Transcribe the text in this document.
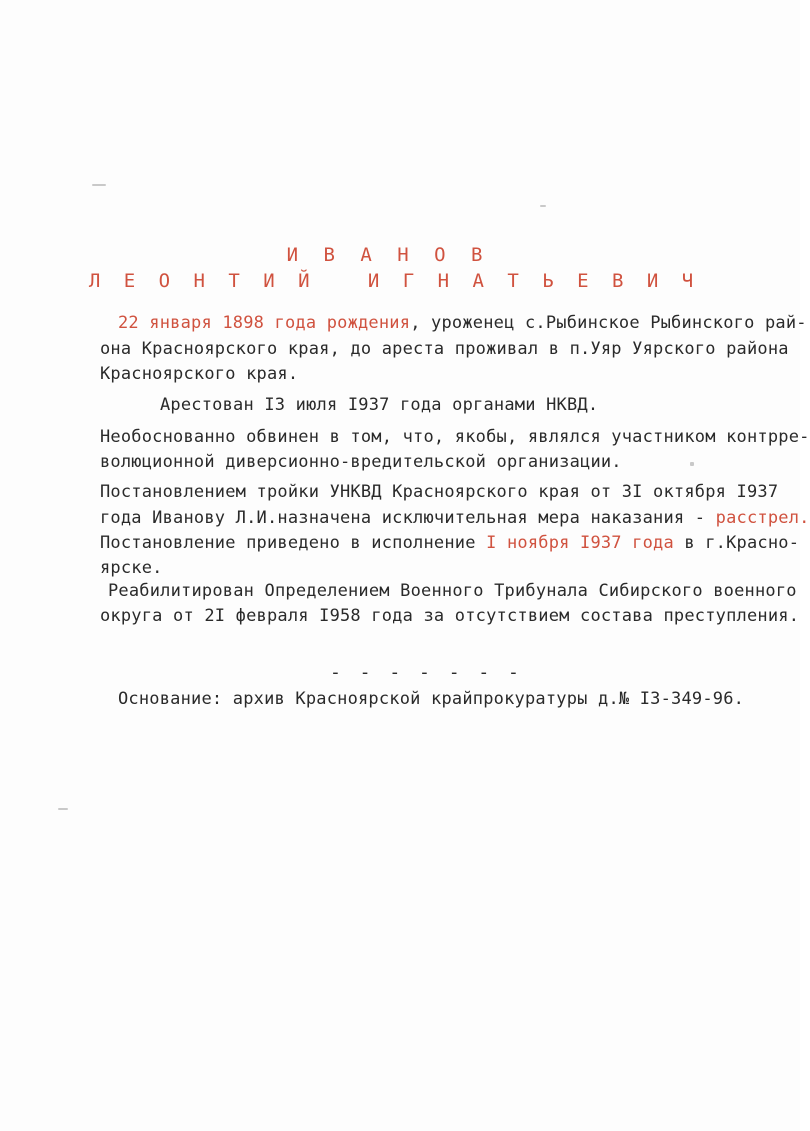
И В А Н О В
Л Е О Н Т И Й   И Г Н А Т Ь Е В И Ч
22 января 1898 года рождения, уроженец с.Рыбинское Рыбинского рай-
она Красноярского края, до ареста проживал в п.Уяр Уярского района
Красноярского края.
Арестован I3 июля I937 года органами НКВД.
Необоснованно обвинен в том, что, якобы, являлся участником контрре-
волюционной диверсионно-вредительской организации.
Постановлением тройки УНКВД Красноярского края от 3I октября I937
года Иванову Л.И.назначена исключительная мера наказания - расстрел.
Постановление приведено в исполнение I ноября I937 года в г.Красно-
ярске.
Реабилитирован Определением Военного Трибунала Сибирского военного
округа от 2I февраля I958 года за отсутствием состава преступления.
- - - - - - -
Основание: архив Красноярской крайпрокуратуры д.№ I3-349-96.
